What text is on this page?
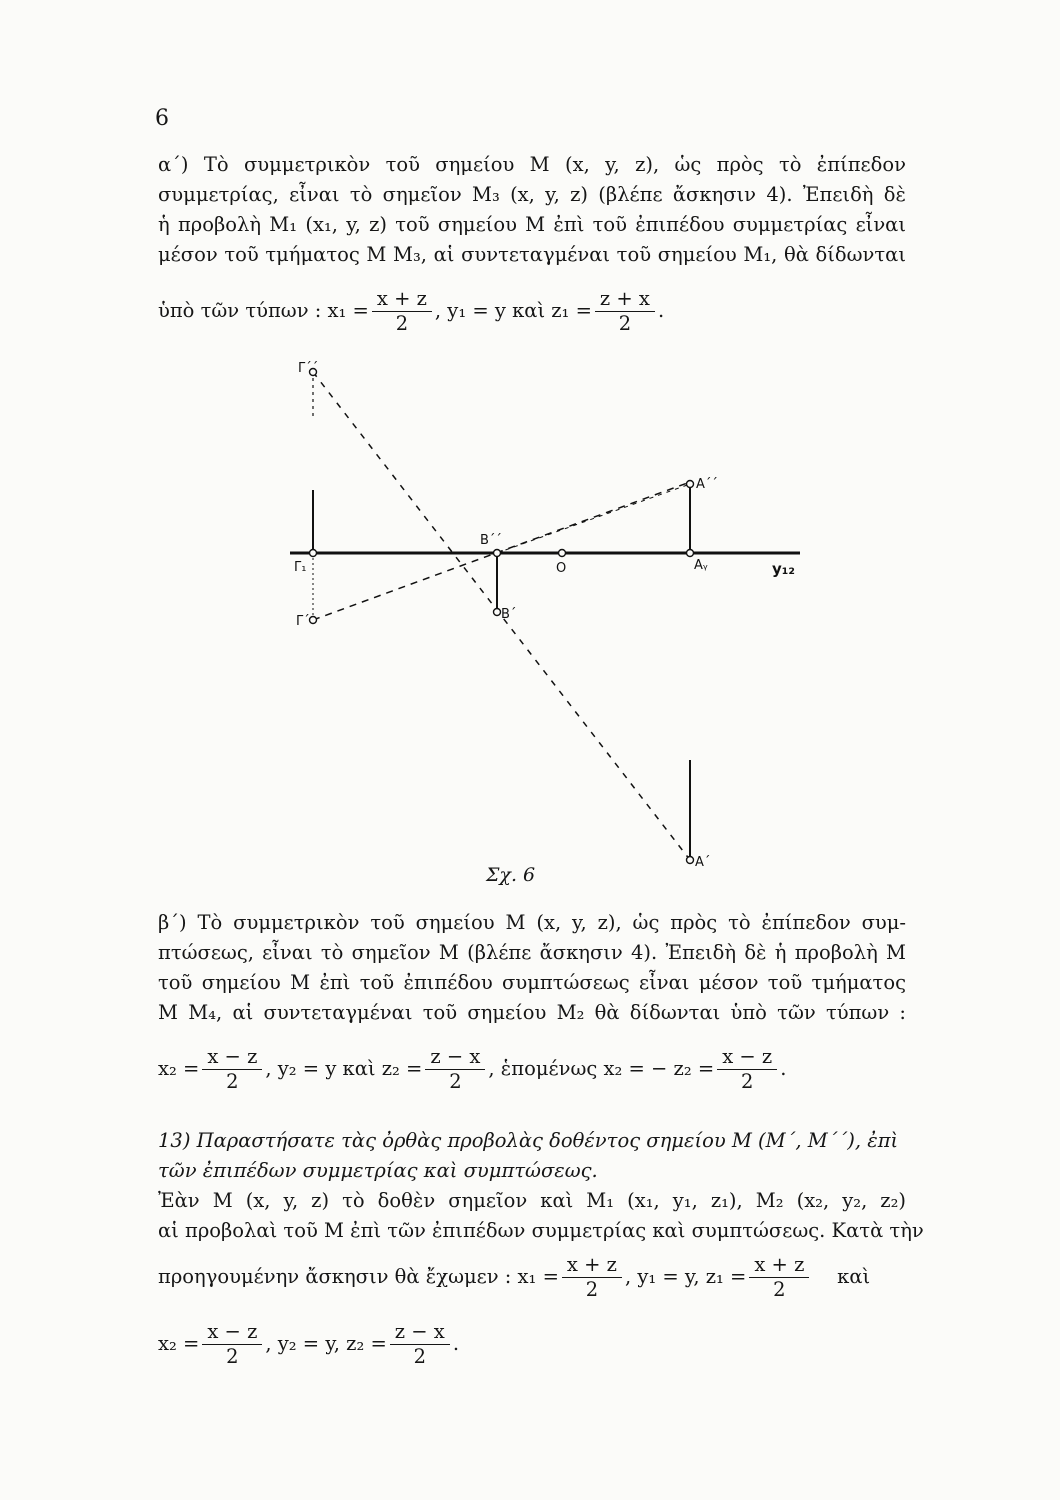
6
α΄) Τὸ συμμετρικὸν τοῦ σημείου Μ (x, y, z), ὡς πρὸς τὸ ἐπίπεδον
συμμετρίας, εἶναι τὸ σημεῖον Μ₃ (x, y, z) (βλέπε ἄσκησιν 4). Ἐπειδὴ δὲ
ἡ προβολὴ Μ₁ (x₁, y, z) τοῦ σημείου Μ ἐπὶ τοῦ ἐπιπέδου συμμετρίας εἶναι
μέσον τοῦ τμήματος Μ Μ₃, αἱ συντεταγμέναι τοῦ σημείου Μ₁, θὰ δίδωνται
ὑπὸ τῶν τύπων : $x_1 = \frac{x + z}{2}$ , y₁ = y καὶ $z_1 = \frac{z + x}{2}$ .
Γ΄΄
Γ₁
Γ΄
Β΄΄
Β΄
Ο
Α΄΄
Αᵧ
Α΄
y₁₂
Σχ. 6
β΄) Τὸ συμμετρικὸν τοῦ σημείου Μ (x, y, z), ὡς πρὸς τὸ ἐπίπεδον συμ-
πτώσεως, εἶναι τὸ σημεῖον Μ (βλέπε ἄσκησιν 4). Ἐπειδὴ δὲ ἡ προβολὴ Μ
τοῦ σημείου Μ ἐπὶ τοῦ ἐπιπέδου συμπτώσεως εἶναι μέσον τοῦ τμήματος
Μ Μ₄, αἱ συντεταγμέναι τοῦ σημείου Μ₂ θὰ δίδωνται ὑπὸ τῶν τύπων :
$x_2 = \frac{x - z}{2}$ , y₂ = y καὶ $z_2 = \frac{z - x}{2}$ , ἑπομένως x₂ = − $z_2 = \frac{x - z}{2}$ .
13) Παραστήσατε τὰς ὀρθὰς προβολὰς δοθέντος σημείου Μ (Μ΄, Μ΄΄), ἐπὶ τῶν ἐπιπέδων συμμετρίας καὶ συμπτώσεως.
Ἐὰν Μ (x, y, z) τὸ δοθὲν σημεῖον καὶ Μ₁ (x₁, y₁, z₁), Μ₂ (x₂, y₂, z₂)
αἱ προβολαὶ τοῦ Μ ἐπὶ τῶν ἐπιπέδων συμμετρίας καὶ συμπτώσεως. Κατὰ τὴν
προηγουμένην ἄσκησιν θὰ ἔχωμεν : $x_1 = \frac{x + z}{2}$ , y₁ = y, $z_1 = \frac{x + z}{2}$ καὶ
$x_2 = \frac{x - z}{2}$ , y₂ = y, $z_2 = \frac{z - x}{2}$ .
